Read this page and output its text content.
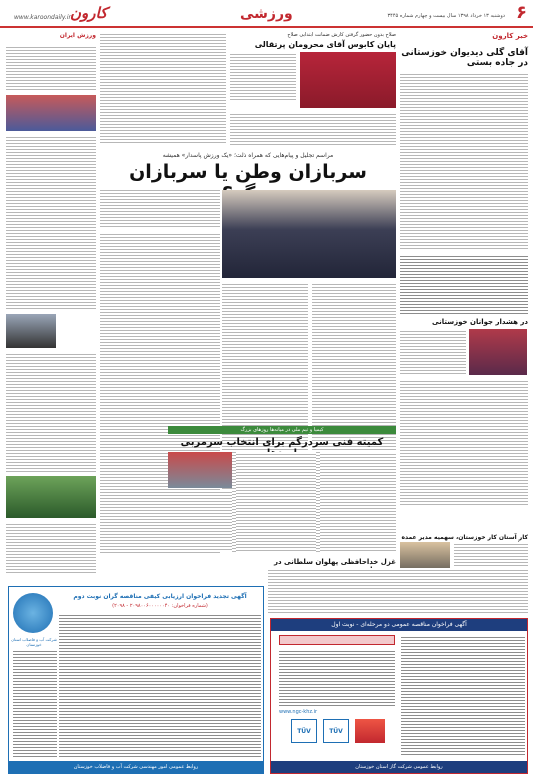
۶
دوشنبه ۱۳ خرداد ۱۳۹۸ سال بیست و چهارم شماره ۳۴۴۵
ورزشی
کارون
www.karoondaily.ir
خبر کارون
آقای گلی دیدیوان خوزستانی در جاده بستی
در هشدار جوانان خوزستانی
ورزش ایران	صلاح بدون حضور گرفتن کارش ضمانت ابتدایی صلاح
پایان کابوس آقای محرومان پرتقالی
مراسم تجلیل و پیام‌هایی که همراه ذلت؛ «یک ورزش پاسدار» همیشه
سربازان وطن یا سربازان
کیمیا و تیم ملی در میانه‌ها روزهای بزرگ
کمیته فنی سردرگم برای انتخاب سرمربی
کار آستان کار خوزستان، سهمیه مدیر عمده
غزل خداحافظی پهلوان سلطانی در
شرکت آب و فاضلاب استان خوزستان
آگهی تجدید فراخوان ارزیابی کیفی مناقصه گران نوبت دوم
(شماره فراخوان: ۲۰۹۸۰۰۶۰۰۰۰۰۰۴۰ - ۲۰۹۸)
روابط عمومی امور مهندسی شرکت آب و فاضلاب خوزستان
آگهی فراخوان مناقصه عمومی دو مرحله‌ای - نوبت اول
www.ngc-khz.ir
TÜV	TÜV
روابط عمومی شرکت گاز استان خوزستان
